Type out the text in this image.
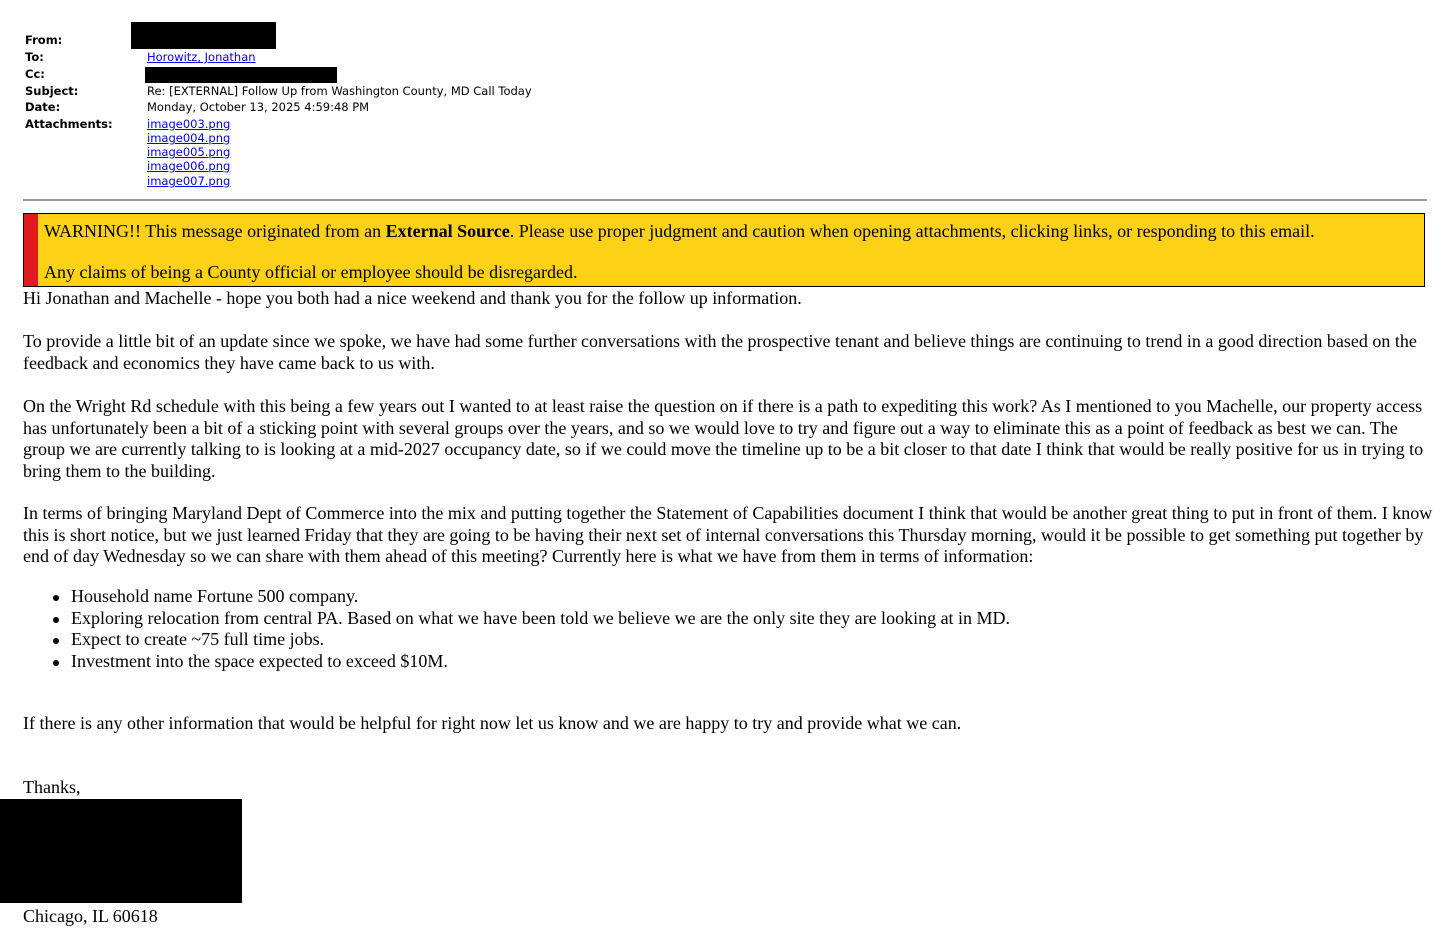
From:
To:	Horowitz, Jonathan
Cc:
Subject:	Re: [EXTERNAL] Follow Up from Washington County, MD Call Today
Date:	Monday, October 13, 2025 4:59:48 PM
Attachments:	image003.png
image004.png
image005.png
image006.png
image007.png
WARNING!! This message originated from an External Source. Please use proper judgment and caution when opening attachments, clicking links, or responding to this email.
Any claims of being a County official or employee should be disregarded.
Hi Jonathan and Machelle - hope you both had a nice weekend and thank you for the follow up information.
To provide a little bit of an update since we spoke, we have had some further conversations with the prospective tenant and believe things are continuing to trend in a good direction based on the feedback and economics they have came back to us with.
On the Wright Rd schedule with this being a few years out I wanted to at least raise the question on if there is a path to expediting this work? As I mentioned to you Machelle, our property access has unfortunately been a bit of a sticking point with several groups over the years, and so we would love to try and figure out a way to eliminate this as a point of feedback as best we can. The group we are currently talking to is looking at a mid-2027 occupancy date, so if we could move the timeline up to be a bit closer to that date I think that would be really positive for us in trying to bring them to the building.
In terms of bringing Maryland Dept of Commerce into the mix and putting together the Statement of Capabilities document I think that would be another great thing to put in front of them. I know this is short notice, but we just learned Friday that they are going to be having their next set of internal conversations this Thursday morning, would it be possible to get something put together by end of day Wednesday so we can share with them ahead of this meeting? Currently here is what we have from them in terms of information:
Household name Fortune 500 company.
Exploring relocation from central PA. Based on what we have been told we believe we are the only site they are looking at in MD.
Expect to create ~75 full time jobs.
Investment into the space expected to exceed $10M.
If there is any other information that would be helpful for right now let us know and we are happy to try and provide what we can.
Thanks,
Chicago, IL 60618
